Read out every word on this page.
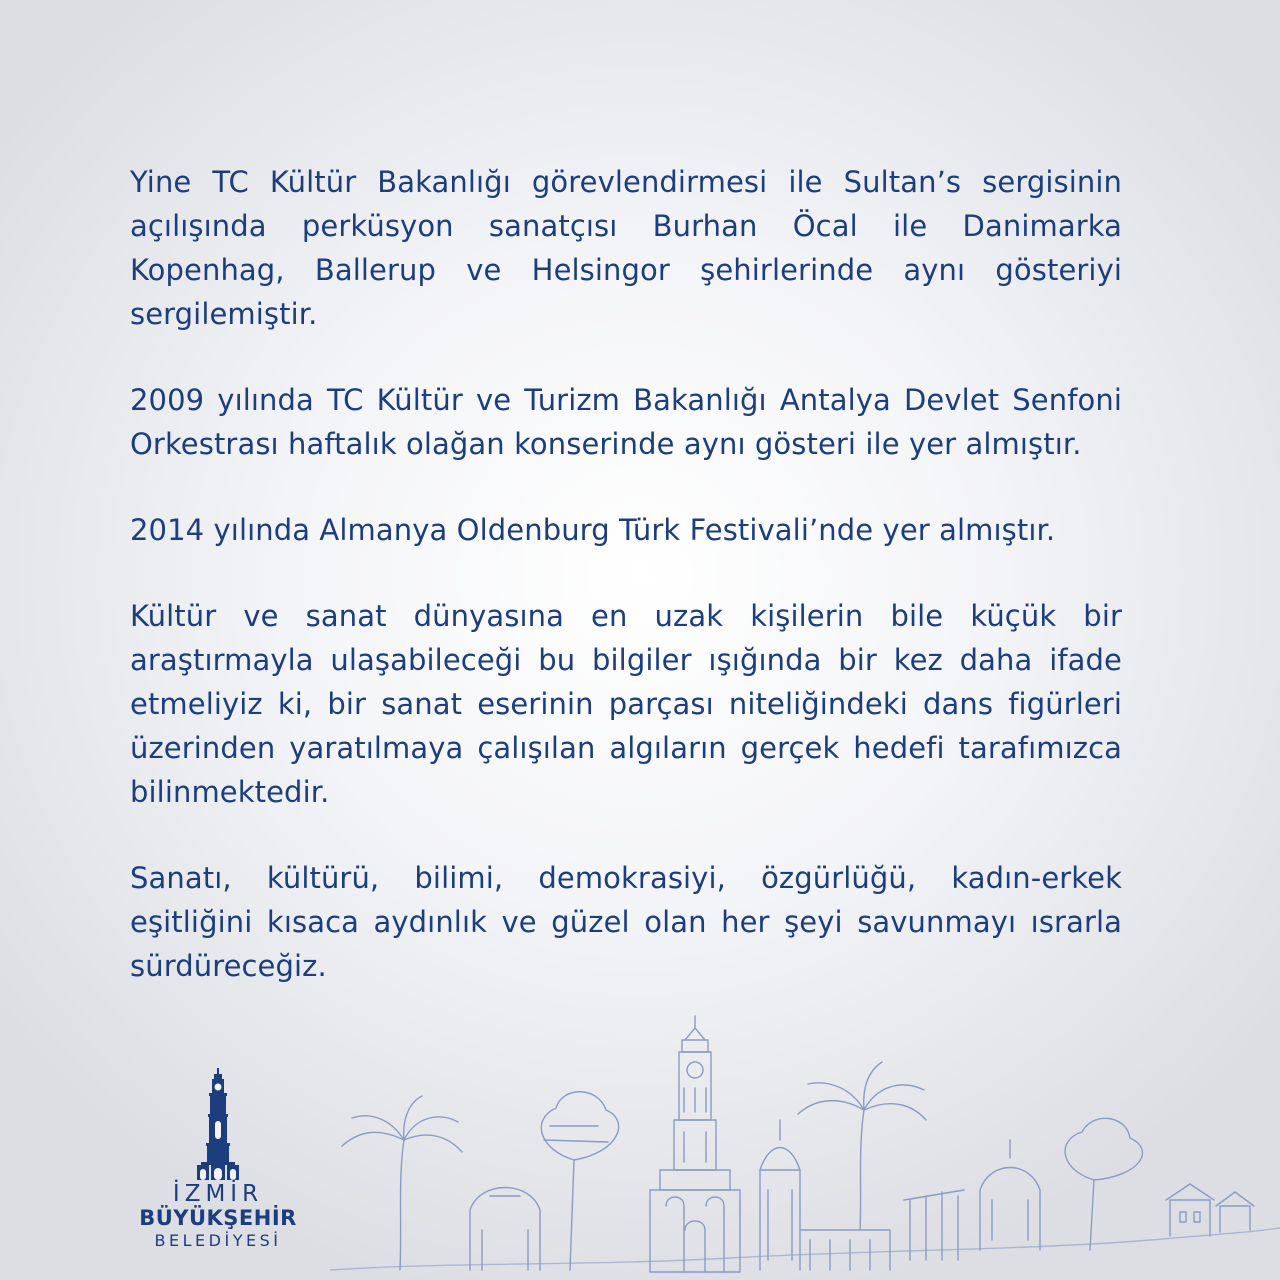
Yine TC Kültür Bakanlığı görevlendirmesi ile Sultan’s sergisinin açılışında perküsyon sanatçısı Burhan Öcal ile Danimarka Kopenhag, Ballerup ve Helsingor şehirlerinde aynı gösteriyi sergilemiştir.

2009 yılında TC Kültür ve Turizm Bakanlığı Antalya Devlet Senfoni Orkestrası haftalık olağan konserinde aynı gösteri ile yer almıştır.

2014 yılında Almanya Oldenburg Türk Festivali’nde yer almıştır.

Kültür ve sanat dünyasına en uzak kişilerin bile küçük bir araştırmayla ulaşabileceği bu bilgiler ışığında bir kez daha ifade etmeliyiz ki, bir sanat eserinin parçası niteliğindeki dans figürleri üzerinden yaratılmaya çalışılan algıların gerçek hedefi tarafımızca bilinmektedir.

Sanatı, kültürü, bilimi, demokrasiyi, özgürlüğü, kadın-erkek eşitliğini kısaca aydınlık ve güzel olan her şeyi savunmayı ısrarla sürdüreceğiz.

İZMİR
BÜYÜKŞEHİR
BELEDİYESİ
